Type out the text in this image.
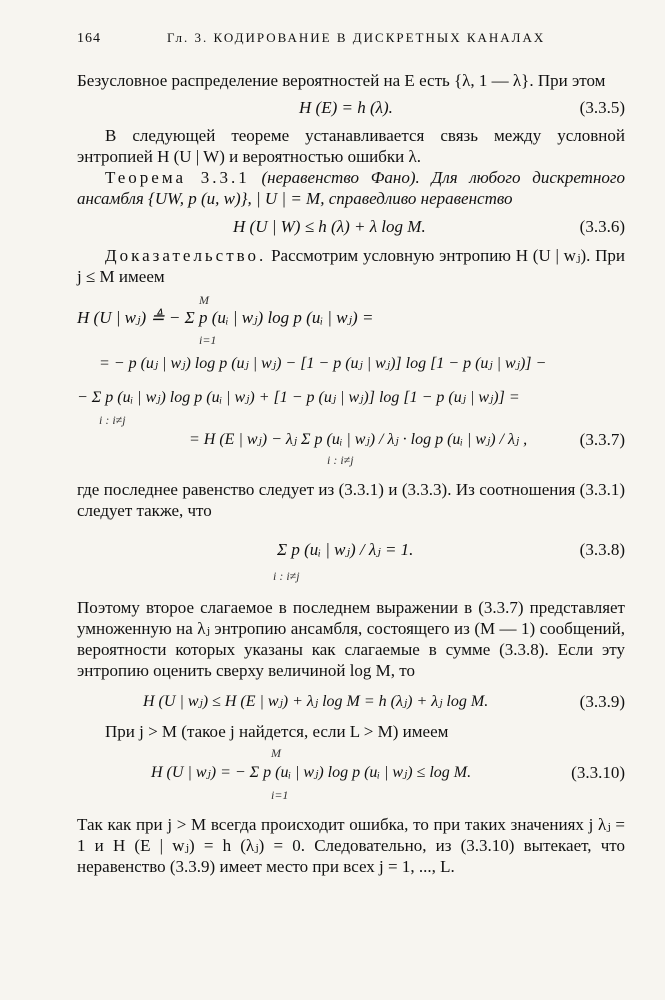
164	Гл. 3. КОДИРОВАНИЕ В ДИСКРЕТНЫХ КАНАЛАХ

Безусловное распределение вероятностей на E есть {λ, 1 — λ}. При этом

H (E) = h (λ).	(3.3.5)

В следующей теореме устанавливается связь между условной энтропией H (U | W) и вероятностью ошибки λ.

Теорема 3.3.1 (неравенство Фано). Для любого дискретного ансамбля {UW, p (u, w)}, | U | = M, справедливо неравенство

H (U | W) ≤ h (λ) + λ log M.	(3.3.6)

Доказательство. Рассмотрим условную энтропию H (U | wⱼ). При j ≤ M имеем

M
H (U | wⱼ) ≜ − Σ p (uᵢ | wⱼ) log p (uᵢ | wⱼ) =
i=1
= − p (uⱼ | wⱼ) log p (uⱼ | wⱼ) − [1 − p (uⱼ | wⱼ)] log [1 − p (uⱼ | wⱼ)] −
− Σ p (uᵢ | wⱼ) log p (uᵢ | wⱼ) + [1 − p (uⱼ | wⱼ)] log [1 − p (uⱼ | wⱼ)] =
i : i≠j
= H (E | wⱼ) − λⱼ Σ p (uᵢ | wⱼ) / λⱼ · log p (uᵢ | wⱼ) / λⱼ ,
i : i≠j
(3.3.7)

где последнее равенство следует из (3.3.1) и (3.3.3). Из соотношения (3.3.1) следует также, что

Σ p (uᵢ | wⱼ) / λⱼ = 1.
i : i≠j
(3.3.8)

Поэтому второе слагаемое в последнем выражении в (3.3.7) представляет умноженную на λⱼ энтропию ансамбля, состоящего из (M — 1) сообщений, вероятности которых указаны как слагаемые в сумме (3.3.8). Если эту энтропию оценить сверху величиной log M, то

H (U | wⱼ) ≤ H (E | wⱼ) + λⱼ log M = h (λⱼ) + λⱼ log M.	(3.3.9)

При j > M (такое j найдется, если L > M) имеем

M
H (U | wⱼ) = − Σ p (uᵢ | wⱼ) log p (uᵢ | wⱼ) ≤ log M.
i=1
(3.3.10)

Так как при j > M всегда происходит ошибка, то при таких значениях j λⱼ = 1 и H (E | wⱼ) = h (λⱼ) = 0. Следовательно, из (3.3.10) вытекает, что неравенство (3.3.9) имеет место при всех j = 1, ..., L.
